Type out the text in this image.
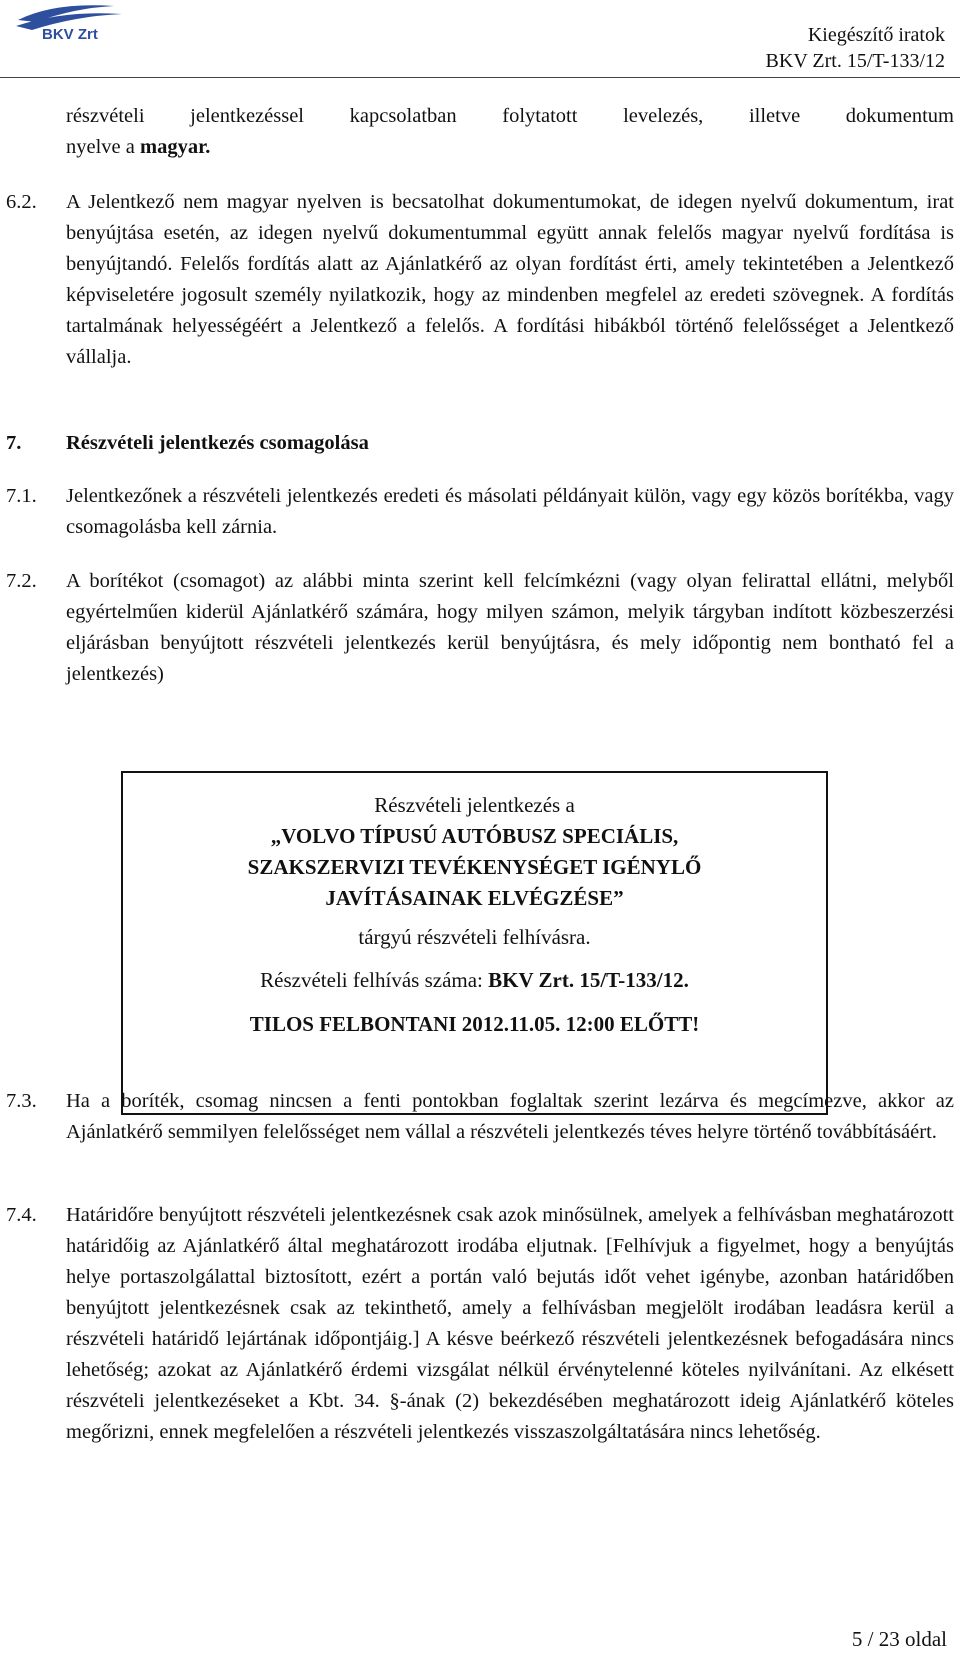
BKV Zrt	Kiegészítő iratok
BKV Zrt. 15/T-133/12
részvételi jelentkezéssel kapcsolatban folytatott levelezés, illetve dokumentum
nyelve a magyar.
6.2. A Jelentkező nem magyar nyelven is becsatolhat dokumentumokat, de idegen nyelvű dokumentum, irat benyújtása esetén, az idegen nyelvű dokumentummal együtt annak felelős magyar nyelvű fordítása is benyújtandó. Felelős fordítás alatt az Ajánlatkérő az olyan fordítást érti, amely tekintetében a Jelentkező képviseletére jogosult személy nyilatkozik, hogy az mindenben megfelel az eredeti szövegnek. A fordítás tartalmának helyességéért a Jelentkező a felelős. A fordítási hibákból történő felelősséget a Jelentkező vállalja.
7. Részvételi jelentkezés csomagolása
7.1. Jelentkezőnek a részvételi jelentkezés eredeti és másolati példányait külön, vagy egy közös borítékba, vagy csomagolásba kell zárnia.
7.2. A borítékot (csomagot) az alábbi minta szerint kell felcímkézni (vagy olyan felirattal ellátni, melyből egyértelműen kiderül Ajánlatkérő számára, hogy milyen számon, melyik tárgyban indított közbeszerzési eljárásban benyújtott részvételi jelentkezés kerül benyújtásra, és mely időpontig nem bontható fel a jelentkezés)
Részvételi jelentkezés a
„VOLVO TÍPUSÚ AUTÓBUSZ SPECIÁLIS,
SZAKSZERVIZI TEVÉKENYSÉGET IGÉNYLŐ
JAVÍTÁSAINAK ELVÉGZÉSE”
tárgyú részvételi felhívásra.
Részvételi felhívás száma: BKV Zrt. 15/T-133/12.
TILOS FELBONTANI 2012.11.05. 12:00 ELŐTT!
7.3. Ha a boríték, csomag nincsen a fenti pontokban foglaltak szerint lezárva és megcímezve, akkor az Ajánlatkérő semmilyen felelősséget nem vállal a részvételi jelentkezés téves helyre történő továbbításáért.
7.4. Határidőre benyújtott részvételi jelentkezésnek csak azok minősülnek, amelyek a felhívásban meghatározott határidőig az Ajánlatkérő által meghatározott irodába eljutnak. [Felhívjuk a figyelmet, hogy a benyújtás helye portaszolgálattal biztosított, ezért a portán való bejutás időt vehet igénybe, azonban határidőben benyújtott jelentkezésnek csak az tekinthető, amely a felhívásban megjelölt irodában leadásra kerül a részvételi határidő lejártának időpontjáig.] A késve beérkező részvételi jelentkezésnek befogadására nincs lehetőség; azokat az Ajánlatkérő érdemi vizsgálat nélkül érvénytelenné köteles nyilvánítani. Az elkésett részvételi jelentkezéseket a Kbt. 34. §-ának (2) bekezdésében meghatározott ideig Ajánlatkérő köteles megőrizni, ennek megfelelően a részvételi jelentkezés visszaszolgáltatására nincs lehetőség.
5 / 23 oldal
